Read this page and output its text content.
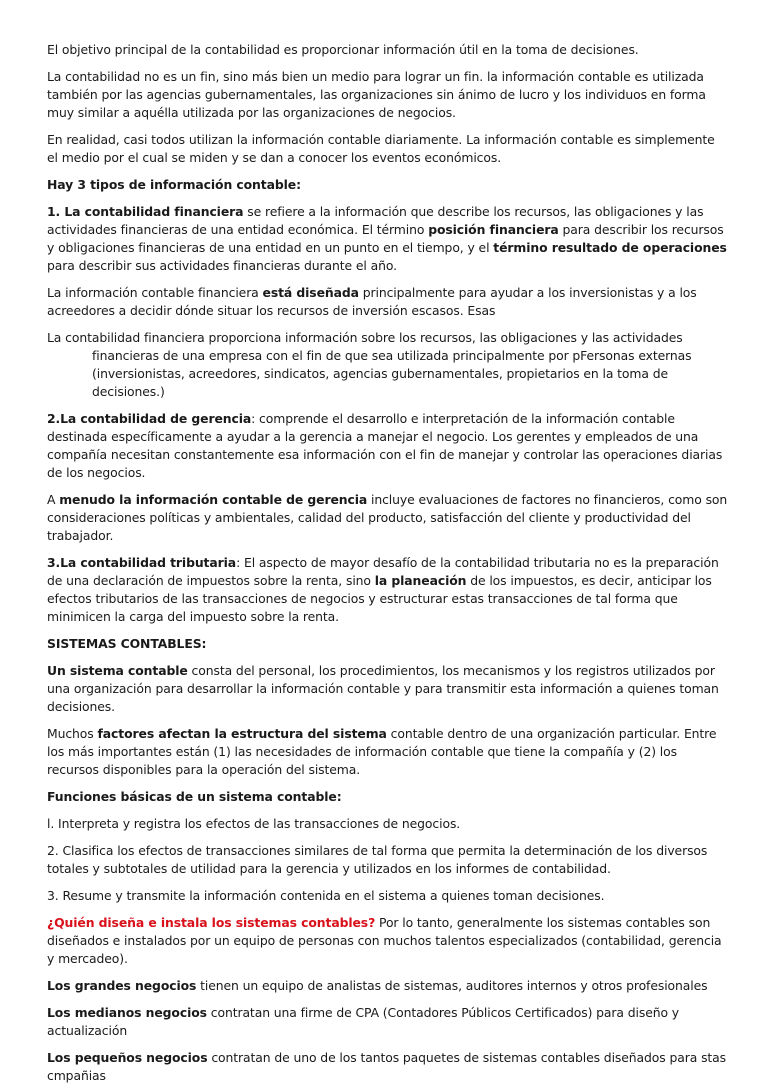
El objetivo principal de la contabilidad es proporcionar información útil en la toma de decisiones.

La contabilidad no es un fin, sino más bien un medio para lograr un fin. la información contable es utilizada también por las agencias gubernamentales, las organizaciones sin ánimo de lucro y los individuos en forma muy similar a aquélla utilizada por las organizaciones de negocios.

En realidad, casi todos utilizan la información contable diariamente. La información contable es simplemente el medio por el cual se miden y se dan a conocer los eventos económicos.

Hay 3 tipos de información contable:

1. La contabilidad financiera se refiere a la información que describe los recursos, las obligaciones y las actividades financieras de una entidad económica. El término posición financiera para describir los recursos y obligaciones financieras de una entidad en un punto en el tiempo, y el término resultado de operaciones para describir sus actividades financieras durante el año.

La información contable financiera está diseñada principalmente para ayudar a los inversionistas y a los acreedores a decidir dónde situar los recursos de inversión escasos. Esas

La contabilidad financiera proporciona información sobre los recursos, las obligaciones y las actividades financieras de una empresa con el fin de que sea utilizada principalmente por pFersonas externas (inversionistas, acreedores, sindicatos, agencias gubernamentales, propietarios en la toma de decisiones.)

2.La contabilidad de gerencia: comprende el desarrollo e interpretación de la información contable destinada específicamente a ayudar a la gerencia a manejar el negocio. Los gerentes y empleados de una compañía necesitan constantemente esa información con el fin de manejar y controlar las operaciones diarias de los negocios.

A menudo la información contable de gerencia incluye evaluaciones de factores no financieros, como son consideraciones políticas y ambientales, calidad del producto, satisfacción del cliente y productividad del trabajador.

3.La contabilidad tributaria: El aspecto de mayor desafío de la contabilidad tributaria no es la preparación de una declaración de impuestos sobre la renta, sino la planeación de los impuestos, es decir, anticipar los efectos tributarios de las transacciones de negocios y estructurar estas transacciones de tal forma que minimicen la carga del impuesto sobre la renta.

SISTEMAS CONTABLES:

Un sistema contable consta del personal, los procedimientos, los mecanismos y los registros utilizados por una organización para desarrollar la información contable y para transmitir esta información a quienes toman decisiones.

Muchos factores afectan la estructura del sistema contable dentro de una organización particular. Entre los más importantes están (1) las necesidades de información contable que tiene la compañía y (2) los recursos disponibles para la operación del sistema.

Funciones básicas de un sistema contable:

l. Interpreta y registra los efectos de las transacciones de negocios.

2. Clasifica los efectos de transacciones similares de tal forma que permita la determinación de los diversos totales y subtotales de utilidad para la gerencia y utilizados en los informes de contabilidad.

3. Resume y transmite la información contenida en el sistema a quienes toman decisiones.

¿Quién diseña e instala los sistemas contables? Por lo tanto, generalmente los sistemas contables son diseñados e instalados por un equipo de personas con muchos talentos especializados (contabilidad, gerencia y mercadeo).

Los grandes negocios tienen un equipo de analistas de sistemas, auditores internos y otros profesionales

Los medianos negocios contratan una firme de CPA (Contadores Públicos Certificados) para diseño y actualización

Los pequeños negocios contratan de uno de los tantos paquetes de sistemas contables diseñados para stas cmpañias
